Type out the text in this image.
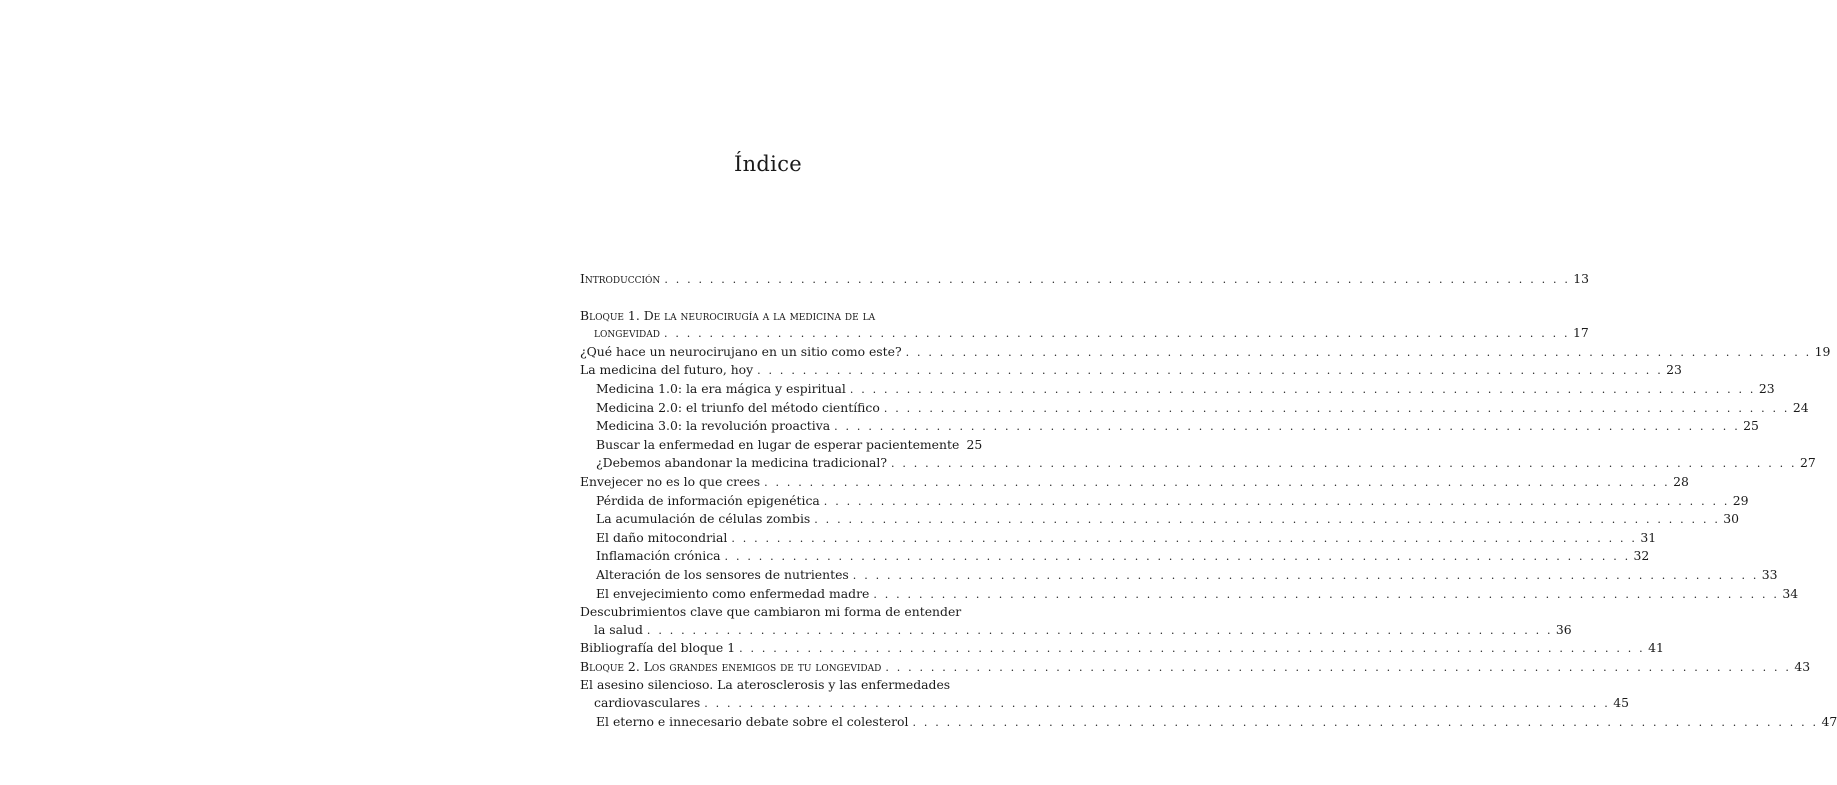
Índice
Introducción . . . . . . . . . . . . . . . . . . . . . . . . . . . . . . . . . . . . . . . . . . . . . . . . . . . . . . . . . . . . . . . . . . . . . . . . . . . . . . . . 13
Bloque 1. De la neurocirugía a la medicina de la
longevidad . . . . . . . . . . . . . . . . . . . . . . . . . . . . . . . . . . . . . . . . . . . . . . . . . . . . . . . . . . . . . . . . . . . . . . . . . . . . . . . . 17
¿Qué hace un neurocirujano en un sitio como este? . . . . . . . . . . . . . . . . . . . . . . . . . . . . . . . . . . . . . . . . . . . . . . . . . . . . . . . . . . . . . . . . . . . . . . . . . . . . . . . . 19
La medicina del futuro, hoy . . . . . . . . . . . . . . . . . . . . . . . . . . . . . . . . . . . . . . . . . . . . . . . . . . . . . . . . . . . . . . . . . . . . . . . . . . . . . . . . 23
Medicina 1.0: la era mágica y espiritual . . . . . . . . . . . . . . . . . . . . . . . . . . . . . . . . . . . . . . . . . . . . . . . . . . . . . . . . . . . . . . . . . . . . . . . . . . . . . . . . 23
Medicina 2.0: el triunfo del método científico . . . . . . . . . . . . . . . . . . . . . . . . . . . . . . . . . . . . . . . . . . . . . . . . . . . . . . . . . . . . . . . . . . . . . . . . . . . . . . . . 24
Medicina 3.0: la revolución proactiva . . . . . . . . . . . . . . . . . . . . . . . . . . . . . . . . . . . . . . . . . . . . . . . . . . . . . . . . . . . . . . . . . . . . . . . . . . . . . . . . 25
Buscar la enfermedad en lugar de esperar pacientemente 25
¿Debemos abandonar la medicina tradicional? . . . . . . . . . . . . . . . . . . . . . . . . . . . . . . . . . . . . . . . . . . . . . . . . . . . . . . . . . . . . . . . . . . . . . . . . . . . . . . . . 27
Envejecer no es lo que crees . . . . . . . . . . . . . . . . . . . . . . . . . . . . . . . . . . . . . . . . . . . . . . . . . . . . . . . . . . . . . . . . . . . . . . . . . . . . . . . . 28
Pérdida de información epigenética . . . . . . . . . . . . . . . . . . . . . . . . . . . . . . . . . . . . . . . . . . . . . . . . . . . . . . . . . . . . . . . . . . . . . . . . . . . . . . . . 29
La acumulación de células zombis . . . . . . . . . . . . . . . . . . . . . . . . . . . . . . . . . . . . . . . . . . . . . . . . . . . . . . . . . . . . . . . . . . . . . . . . . . . . . . . . 30
El daño mitocondrial . . . . . . . . . . . . . . . . . . . . . . . . . . . . . . . . . . . . . . . . . . . . . . . . . . . . . . . . . . . . . . . . . . . . . . . . . . . . . . . . 31
Inflamación crónica . . . . . . . . . . . . . . . . . . . . . . . . . . . . . . . . . . . . . . . . . . . . . . . . . . . . . . . . . . . . . . . . . . . . . . . . . . . . . . . . 32
Alteración de los sensores de nutrientes . . . . . . . . . . . . . . . . . . . . . . . . . . . . . . . . . . . . . . . . . . . . . . . . . . . . . . . . . . . . . . . . . . . . . . . . . . . . . . . . 33
El envejecimiento como enfermedad madre . . . . . . . . . . . . . . . . . . . . . . . . . . . . . . . . . . . . . . . . . . . . . . . . . . . . . . . . . . . . . . . . . . . . . . . . . . . . . . . . 34
Descubrimientos clave que cambiaron mi forma de entender
la salud . . . . . . . . . . . . . . . . . . . . . . . . . . . . . . . . . . . . . . . . . . . . . . . . . . . . . . . . . . . . . . . . . . . . . . . . . . . . . . . . 36
Bibliografía del bloque 1 . . . . . . . . . . . . . . . . . . . . . . . . . . . . . . . . . . . . . . . . . . . . . . . . . . . . . . . . . . . . . . . . . . . . . . . . . . . . . . . . 41
Bloque 2. Los grandes enemigos de tu longevidad . . . . . . . . . . . . . . . . . . . . . . . . . . . . . . . . . . . . . . . . . . . . . . . . . . . . . . . . . . . . . . . . . . . . . . . . . . . . . . . . 43
El asesino silencioso. La aterosclerosis y las enfermedades
cardiovasculares . . . . . . . . . . . . . . . . . . . . . . . . . . . . . . . . . . . . . . . . . . . . . . . . . . . . . . . . . . . . . . . . . . . . . . . . . . . . . . . . 45
El eterno e innecesario debate sobre el colesterol . . . . . . . . . . . . . . . . . . . . . . . . . . . . . . . . . . . . . . . . . . . . . . . . . . . . . . . . . . . . . . . . . . . . . . . . . . . . . . . . 47
